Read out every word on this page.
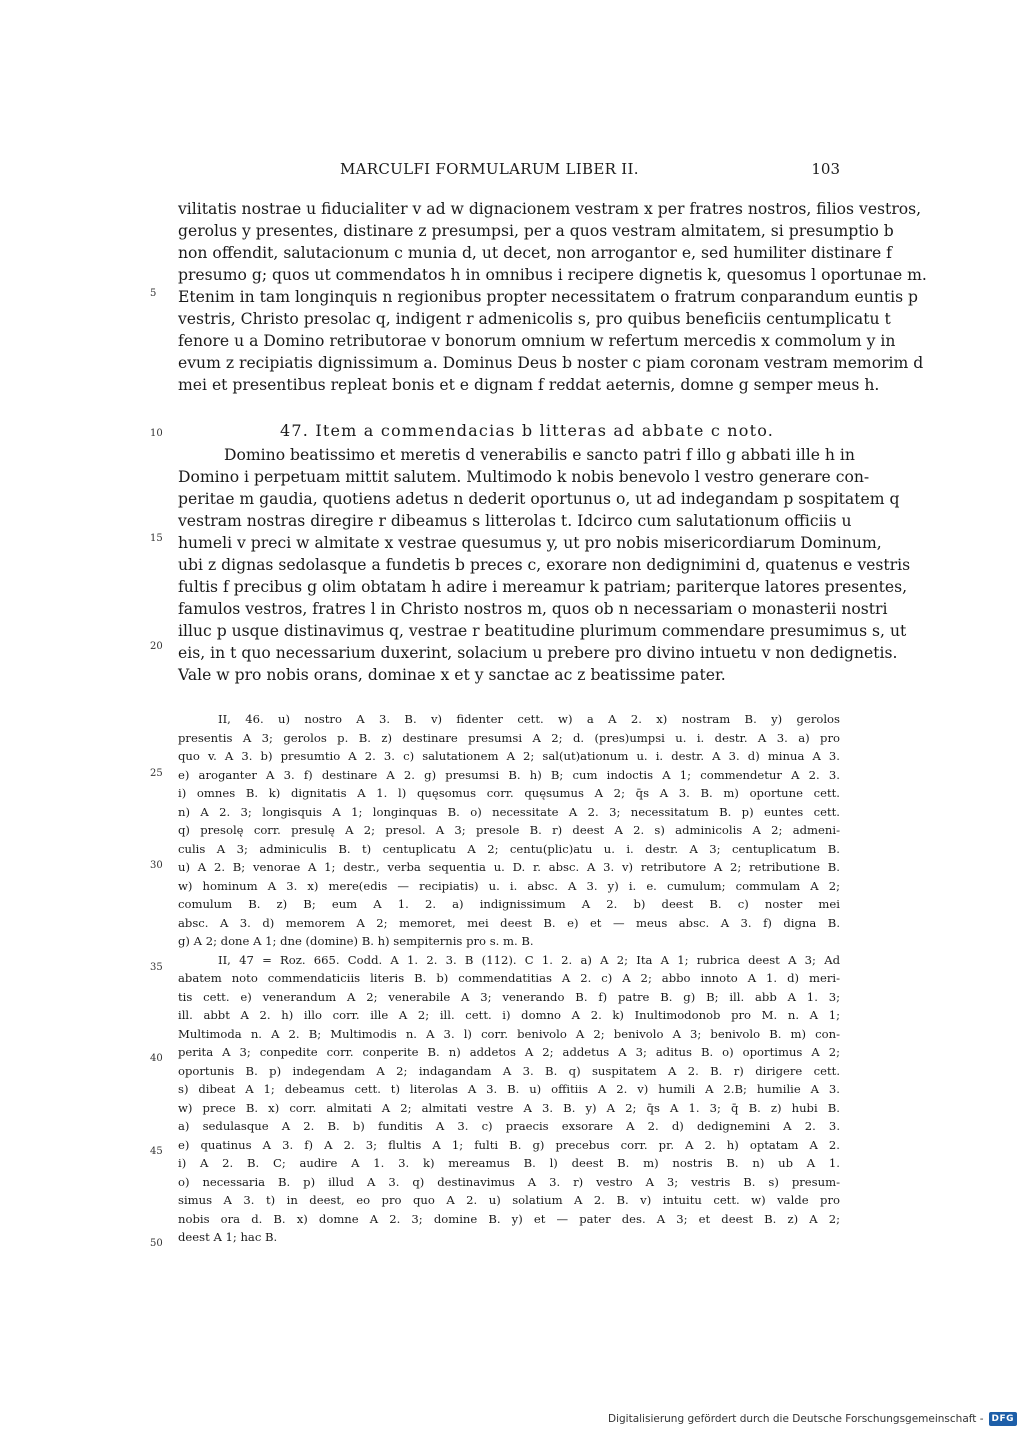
MARCULFI FORMULARUM LIBER II.	103
vilitatis nostrae u fiducialiter v ad w dignacionem vestram x per fratres nostros, filios vestros,
gerolus y presentes, distinare z presumpsi, per a quos vestram almitatem, si presumptio b
non offendit, salutacionum c munia d, ut decet, non arrogantor e, sed humiliter distinare f
presumo g; quos ut commendatos h in omnibus i recipere dignetis k, quesomus l oportunae m.
Etenim in tam longinquis n regionibus propter necessitatem o fratrum conparandum euntis p
vestris, Christo presolac q, indigent r admenicolis s, pro quibus beneficiis centumplicatu t
fenore u a Domino retributorae v bonorum omnium w refertum mercedis x commolum y in
evum z recipiatis dignissimum a. Dominus Deus b noster c piam coronam vestram memorim d
mei et presentibus repleat bonis et e dignam f reddat aeternis, domne g semper meus h.
47. Item a commendacias b litteras ad abbate c noto.
Domino beatissimo et meretis d venerabilis e sancto patri f illo g abbati ille h in
Domino i perpetuam mittit salutem. Multimodo k nobis benevolo l vestro generare con-
peritae m gaudia, quotiens adetus n dederit oportunus o, ut ad indegandam p sospitatem q
vestram nostras diregire r dibeamus s litterolas t. Idcirco cum salutationum officiis u
humeli v preci w almitate x vestrae quesumus y, ut pro nobis misericordiarum Dominum,
ubi z dignas sedolasque a fundetis b preces c, exorare non dedignimini d, quatenus e vestris
fultis f precibus g olim obtatam h adire i mereamur k patriam; pariterque latores presentes,
famulos vestros, fratres l in Christo nostros m, quos ob n necessariam o monasterii nostri
illuc p usque distinavimus q, vestrae r beatitudine plurimum commendare presumimus s, ut
eis, in t quo necessarium duxerint, solacium u prebere pro divino intuetu v non dedignetis.
Vale w pro nobis orans, dominae x et y sanctae ac z beatissime pater.
II, 46. u) nostro A 3. B. v) fidenter cett. w) a A 2. x) nostram B. y) gerolos
presentis A 3; gerolos p. B. z) destinare presumsi A 2; d. (pres)umpsi u. i. destr. A 3. a) pro
quo v. A 3. b) presumtio A 2. 3. c) salutationem A 2; sal(ut)ationum u. i. destr. A 3. d) minua A 3.
e) aroganter A 3. f) destinare A 2. g) presumsi B. h) B; cum indoctis A 1; commendetur A 2. 3.
i) omnes B. k) dignitatis A 1. l) quęsomus corr. quęsumus A 2; q̄s A 3. B. m) oportune cett.
n) A 2. 3; longisquis A 1; longinquas B. o) necessitate A 2. 3; necessitatum B. p) euntes cett.
q) presolę corr. presulę A 2; presol. A 3; presole B. r) deest A 2. s) adminicolis A 2; admeni-
culis A 3; adminiculis B. t) centuplicatu A 2; centu(plic)atu u. i. destr. A 3; centuplicatum B.
u) A 2. B; venorae A 1; destr., verba sequentia u. D. r. absc. A 3. v) retributore A 2; retributione B.
w) hominum A 3. x) mere(edis — recipiatis) u. i. absc. A 3. y) i. e. cumulum; commulam A 2;
comulum B. z) B; eum A 1. 2. a) indignissimum A 2. b) deest B. c) noster mei
absc. A 3. d) memorem A 2; memoret, mei deest B. e) et — meus absc. A 3. f) digna B.
g) A 2; done A 1; dne (domine) B. h) sempiternis pro s. m. B.
II, 47 = Roz. 665. Codd. A 1. 2. 3. B (112). C 1. 2. a) A 2; Ita A 1; rubrica deest A 3; Ad
abatem noto commendaticiis literis B. b) commendatitias A 2. c) A 2; abbo innoto A 1. d) meri-
tis cett. e) venerandum A 2; venerabile A 3; venerando B. f) patre B. g) B; ill. abb A 1. 3;
ill. abbt A 2. h) illo corr. ille A 2; ill. cett. i) domno A 2. k) Inultimodonob pro M. n. A 1;
Multimoda n. A 2. B; Multimodis n. A 3. l) corr. benivolo A 2; benivolo A 3; benivolo B. m) con-
perita A 3; conpedite corr. conperite B. n) addetos A 2; addetus A 3; aditus B. o) oportimus A 2;
oportunis B. p) indegendam A 2; indagandam A 3. B. q) suspitatem A 2. B. r) dirigere cett.
s) dibeat A 1; debeamus cett. t) literolas A 3. B. u) offitiis A 2. v) humili A 2.B; humilie A 3.
w) prece B. x) corr. almitati A 2; almitati vestre A 3. B. y) A 2; q̄s A 1. 3; q̄ B. z) hubi B.
a) sedulasque A 2. B. b) funditis A 3. c) praecis exsorare A 2. d) dedignemini A 2. 3.
e) quatinus A 3. f) A 2. 3; flultis A 1; fulti B. g) precebus corr. pr. A 2. h) optatam A 2.
i) A 2. B. C; audire A 1. 3. k) mereamus B. l) deest B. m) nostris B. n) ub A 1.
o) necessaria B. p) illud A 3. q) destinavimus A 3. r) vestro A 3; vestris B. s) presum-
simus A 3. t) in deest, eo pro quo A 2. u) solatium A 2. B. v) intuitu cett. w) valde pro
nobis ora d. B. x) domne A 2. 3; domine B. y) et — pater des. A 3; et deest B. z) A 2;
deest A 1; hac B.
5
10
15
20
25
30
35
40
45
50
Digitalisierung gefördert durch die Deutsche Forschungsgemeinschaft - DFG
